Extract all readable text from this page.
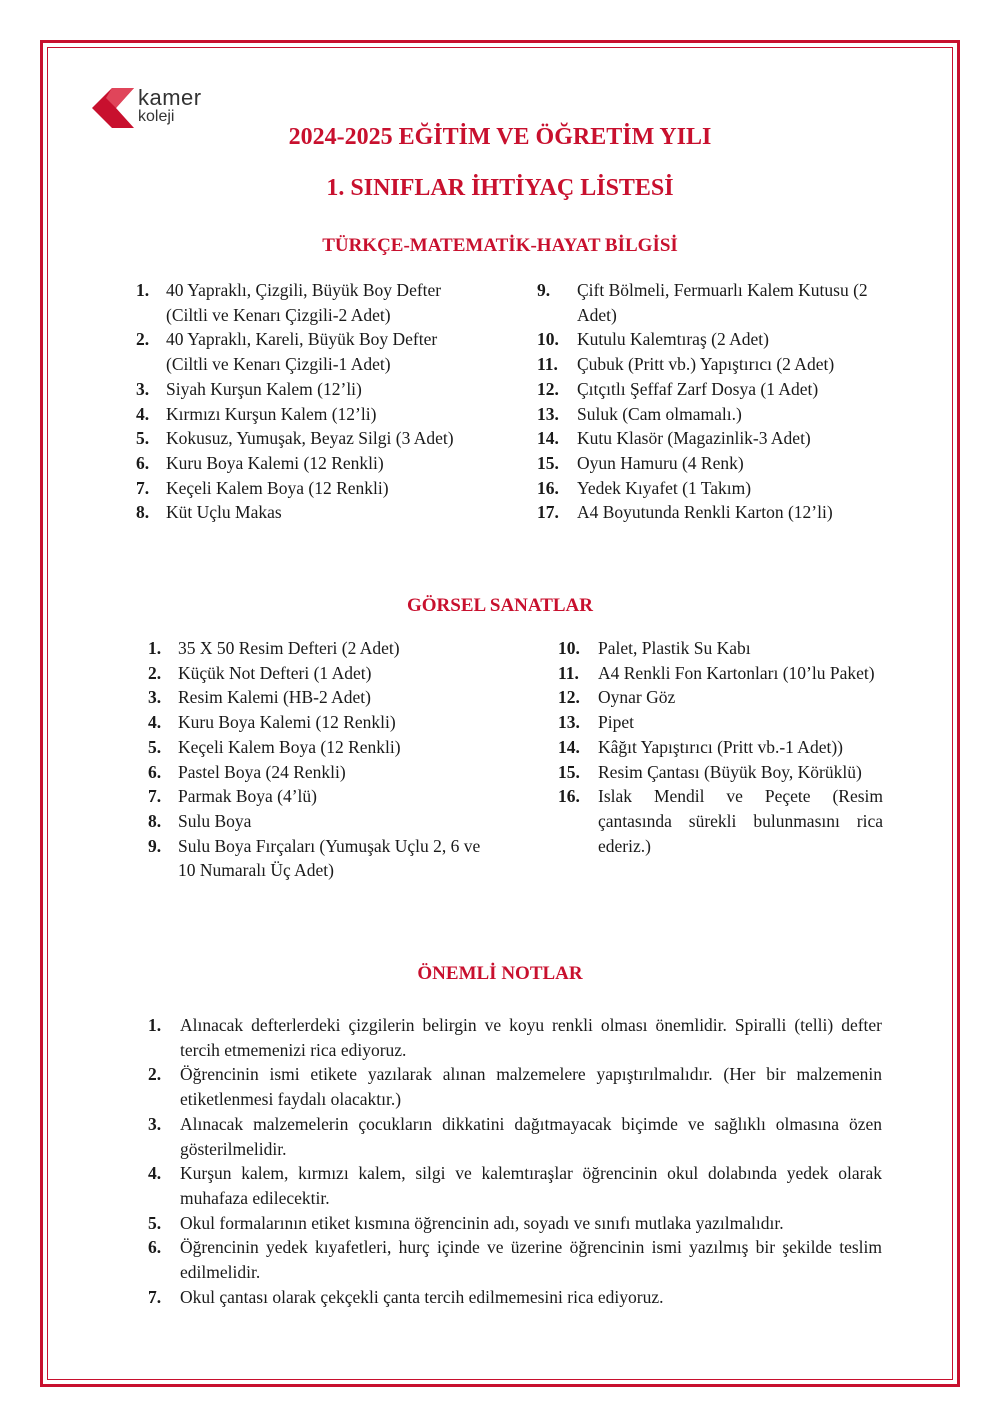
kamer
koleji
2024-2025 EĞİTİM VE ÖĞRETİM YILI
1. SINIFLAR İHTİYAÇ LİSTESİ
TÜRKÇE-MATEMATİK-HAYAT BİLGİSİ
1. 40 Yapraklı, Çizgili, Büyük Boy Defter (Ciltli ve Kenarı Çizgili-2 Adet)
2. 40 Yapraklı, Kareli, Büyük Boy Defter (Ciltli ve Kenarı Çizgili-1 Adet)
3. Siyah Kurşun Kalem (12’li)
4. Kırmızı Kurşun Kalem (12’li)
5. Kokusuz, Yumuşak, Beyaz Silgi (3 Adet)
6. Kuru Boya Kalemi (12 Renkli)
7. Keçeli Kalem Boya (12 Renkli)
8. Küt Uçlu Makas
9. Çift Bölmeli, Fermuarlı Kalem Kutusu (2 Adet)
10. Kutulu Kalemtıraş (2 Adet)
11. Çubuk (Pritt vb.) Yapıştırıcı (2 Adet)
12. Çıtçıtlı Şeffaf Zarf Dosya (1 Adet)
13. Suluk (Cam olmamalı.)
14. Kutu Klasör (Magazinlik-3 Adet)
15. Oyun Hamuru (4 Renk)
16. Yedek Kıyafet (1 Takım)
17. A4 Boyutunda Renkli Karton (12’li)
GÖRSEL SANATLAR
1. 35 X 50 Resim Defteri (2 Adet)
2. Küçük Not Defteri (1 Adet)
3. Resim Kalemi (HB-2 Adet)
4. Kuru Boya Kalemi (12 Renkli)
5. Keçeli Kalem Boya (12 Renkli)
6. Pastel Boya (24 Renkli)
7. Parmak Boya (4’lü)
8. Sulu Boya
9. Sulu Boya Fırçaları (Yumuşak Uçlu 2, 6 ve 10 Numaralı Üç Adet)
10. Palet, Plastik Su Kabı
11. A4 Renkli Fon Kartonları (10’lu Paket)
12. Oynar Göz
13. Pipet
14. Kâğıt Yapıştırıcı (Pritt vb.-1 Adet))
15. Resim Çantası (Büyük Boy, Körüklü)
16. Islak Mendil ve Peçete (Resim çantasında sürekli bulunmasını rica ederiz.)
ÖNEMLİ NOTLAR
1. Alınacak defterlerdeki çizgilerin belirgin ve koyu renkli olması önemlidir. Spiralli (telli) defter tercih etmemenizi rica ediyoruz.
2. Öğrencinin ismi etikete yazılarak alınan malzemelere yapıştırılmalıdır. (Her bir malzemenin etiketlenmesi faydalı olacaktır.)
3. Alınacak malzemelerin çocukların dikkatini dağıtmayacak biçimde ve sağlıklı olmasına özen gösterilmelidir.
4. Kurşun kalem, kırmızı kalem, silgi ve kalemtıraşlar öğrencinin okul dolabında yedek olarak muhafaza edilecektir.
5. Okul formalarının etiket kısmına öğrencinin adı, soyadı ve sınıfı mutlaka yazılmalıdır.
6. Öğrencinin yedek kıyafetleri, hurç içinde ve üzerine öğrencinin ismi yazılmış bir şekilde teslim edilmelidir.
7. Okul çantası olarak çekçekli çanta tercih edilmemesini rica ediyoruz.
